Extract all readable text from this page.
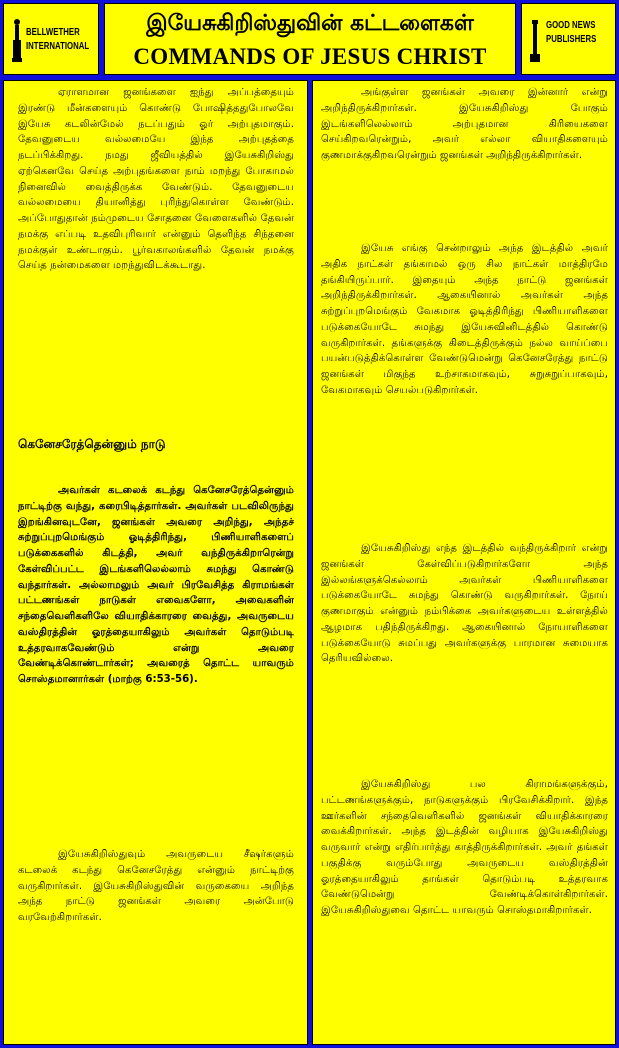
BELLWETHER
INTERNATIONAL
இயேசுகிறிஸ்துவின் கட்டளைகள்
COMMANDS OF JESUS CHRIST
GOOD NEWS
PUBLISHERS

ஏராளமான ஜனங்களை ஐந்து அப்பத்தையும் இரண்டு மீன்களையும் கொண்டு போஷித்ததுபோலவே இயேசு கடலின்மேல் நடப்பதும் ஓர் அற்புதமாகும். தேவனுடைய வல்லமையே இந்த அற்புதத்தை நடப்பிக்கிறது. நமது ஜீவியத்தில் இயேசுகிறிஸ்து ஏற்கெனவே செய்த அற்புதங்களை நாம் மறந்து போகாமல் நினைவில் வைத்திருக்க வேண்டும். தேவனுடைய வல்லமையை தியானித்து புரிந்துகொள்ள வேண்டும். அப்போதுதான் நம்முடைய சோதனை வேளைகளில் தேவன் நமக்கு எப்படி உதவிபுரிவார் என்னும் தெளிந்த சிந்தனை நமக்குள் உண்டாகும். பூர்வகாலங்களில் தேவன் நமக்கு செய்த நன்மைகளை மறந்துவிடக்கூடாது.

கெனேசரேத்தென்னும் நாடு

அவர்கள் கடலைக் கடந்து கெனேசரேத்தென்னும் நாட்டிற்கு வந்து, கரைபிடித்தார்கள். அவர்கள் படவிலிருந்து இறங்கினவுடனே, ஜனங்கள் அவரை அறிந்து, அந்தச் சுற்றுப்புறமெங்கும் ஓடித்திரிந்து, பிணியாளிகளைப் படுக்கைகளில் கிடத்தி, அவர் வந்திருக்கிறாரென்று கேள்விப்பட்ட இடங்களிலெல்லாம் சுமந்து கொண்டு வந்தார்கள். அல்லாமலும் அவர் பிரவேசித்த கிராமங்கள் பட்டணங்கள் நாடுகள் எவைகளோ, அவைகளின் சந்தைவெளிகளிலே வியாதிக்காரரை வைத்து, அவருடைய வஸ்திரத்தின் ஓரத்தையாகிலும் அவர்கள் தொடும்படி உத்தரவாகவேண்டும் என்று அவரை வேண்டிக்கொண்டார்கள்; அவரைத் தொட்ட யாவரும் சொஸ்தமானார்கள் (மாற்கு 6:53-56).

இயேசுகிறிஸ்துவும் அவருடைய சீஷர்களும் கடலைக் கடந்து கெனேசரேத்து என்னும் நாட்டிற்கு வருகிறார்கள். இயேசுகிறிஸ்துவின் வருகையை அறிந்த அந்த நாட்டு ஜனங்கள் அவரை அன்போடு வரவேற்கிறார்கள்.

அங்குள்ள ஜனங்கள் அவரை இன்னார் என்று அறிந்திருக்கிறார்கள். இயேசுகிறிஸ்து போகும் இடங்களிலெல்லாம் அற்புதமான கிரியைகளை செய்கிறவரென்றும், அவர் எல்லா வியாதிகளையும் குணமாக்குகிறவரென்றும் ஜனங்கள் அறிந்திருக்கிறார்கள்.

இயேசு எங்கு சென்றாலும் அந்த இடத்தில் அவர் அதிக நாட்கள் தங்காமல் ஒரு சில நாட்கள் மாத்திரமே தங்கியிருப்பார். இதையும் அந்த நாட்டு ஜனங்கள் அறிந்திருக்கிறார்கள். ஆகையினால் அவர்கள் அந்த சுற்றுப்புறமெங்கும் வேகமாக ஓடித்திரிந்து பிணியாளிகளை படுக்கையோடே சுமந்து இயேசுவினிடத்தில் கொண்டு வருகிறார்கள். தங்களுக்கு கிடைத்திருக்கும் நல்ல வாய்ப்பை பயன்படுத்திக்கொள்ள வேண்டுமென்று கெனேசரேத்து நாட்டு ஜனங்கள் மிகுந்த உற்சாகமாகவும், சுறுசுறுப்பாகவும், வேகமாகவும் செயல்படுகிறார்கள்.

இயேசுகிறிஸ்து எந்த இடத்தில் வந்திருக்கிறார் என்று ஜனங்கள் கேள்விப்படுகிறார்களோ அந்த இல்லங்களுக்கெல்லாம் அவர்கள் பிணியாளிகளை படுக்கையோடே சுமந்து கொண்டு வருகிறார்கள். நோய் குணமாகும் என்னும் நம்பிக்கை அவர்களுடைய உள்ளத்தில் ஆழமாக பதிந்திருக்கிறது. ஆகையினால் நோயாளிகளை படுக்கையோடு சுமப்பது அவர்களுக்கு பாரமான சுமையாக தெரியவில்லை.

இயேசுகிறிஸ்து பல கிராமங்களுக்கும், பட்டணங்களுக்கும், நாடுகளுக்கும் பிரவேசிக்கிறார். இந்த ஊர்களின் சந்தைவெளிகளில் ஜனங்கள் வியாதிக்காரரை வைக்கிறார்கள். அந்த இடத்தின் வழியாக இயேசுகிறிஸ்து வருவார் என்று எதிர்பார்த்து காத்திருக்கிறார்கள். அவர் தங்கள் பகுதிக்கு வரும்போது அவருடைய வஸ்திரத்தின் ஓரத்தையாகிலும் தாங்கள் தொடும்படி உத்தரவாக வேண்டுமென்று வேண்டிக்கொள்கிறார்கள். இயேசுகிறிஸ்துவை தொட்ட யாவரும் சொஸ்தமாகிறார்கள்.
